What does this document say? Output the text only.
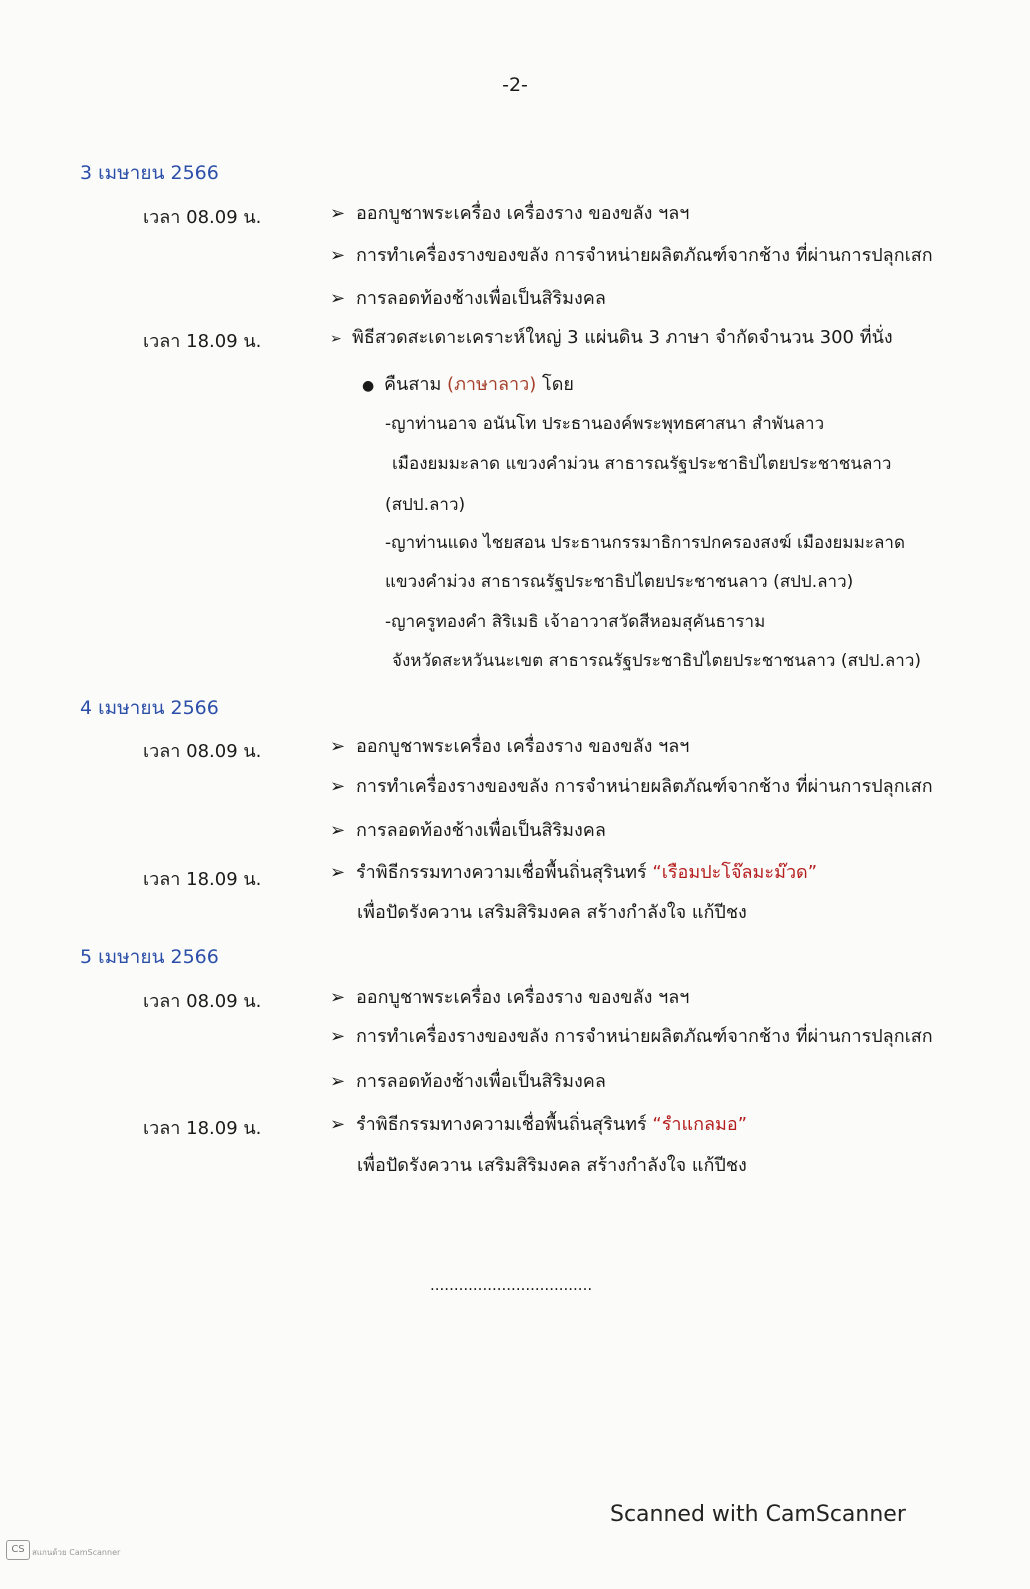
-2-
3 เมษายน 2566
เวลา 08.09 น.	➢ ออกบูชาพระเครื่อง เครื่องราง ของขลัง ฯลฯ
➢ การทำเครื่องรางของขลัง การจำหน่ายผลิตภัณฑ์จากช้าง ที่ผ่านการปลุกเสก
➢ การลอดท้องช้างเพื่อเป็นสิริมงคล
เวลา 18.09 น.	➢ พิธีสวดสะเดาะเคราะห์ใหญ่ 3 แผ่นดิน 3 ภาษา จำกัดจำนวน 300 ที่นั่ง
● คืนสาม (ภาษาลาว) โดย
-ญาท่านอาจ อนันโท ประธานองค์พระพุทธศาสนา สำพันลาว
เมืองยมมะลาด แขวงคำม่วน สาธารณรัฐประชาธิปไตยประชาชนลาว
(สปป.ลาว)
-ญาท่านแดง ไชยสอน ประธานกรรมาธิการปกครองสงฆ์ เมืองยมมะลาด
แขวงคำม่วง สาธารณรัฐประชาธิปไตยประชาชนลาว (สปป.ลาว)
-ญาครูทองคำ สิริเมธิ เจ้าอาวาสวัดสีหอมสุคันธาราม
จังหวัดสะหวันนะเขต สาธารณรัฐประชาธิปไตยประชาชนลาว (สปป.ลาว)
4 เมษายน 2566
เวลา 08.09 น.	➢ ออกบูชาพระเครื่อง เครื่องราง ของขลัง ฯลฯ
➢ การทำเครื่องรางของขลัง การจำหน่ายผลิตภัณฑ์จากช้าง ที่ผ่านการปลุกเสก
➢ การลอดท้องช้างเพื่อเป็นสิริมงคล
เวลา 18.09 น.	➢ รำพิธีกรรมทางความเชื่อพื้นถิ่นสุรินทร์ “เรือมปะโจ๊ลมะม๊วด”
เพื่อปัดรังควาน เสริมสิริมงคล สร้างกำลังใจ แก้ปีชง
5 เมษายน 2566
เวลา 08.09 น.	➢ ออกบูชาพระเครื่อง เครื่องราง ของขลัง ฯลฯ
➢ การทำเครื่องรางของขลัง การจำหน่ายผลิตภัณฑ์จากช้าง ที่ผ่านการปลุกเสก
➢ การลอดท้องช้างเพื่อเป็นสิริมงคล
เวลา 18.09 น.	➢ รำพิธีกรรมทางความเชื่อพื้นถิ่นสุรินทร์ “รำแกลมอ”
เพื่อปัดรังควาน เสริมสิริมงคล สร้างกำลังใจ แก้ปีชง
..................................
Scanned with CamScanner
CS สแกนด้วย CamScanner
